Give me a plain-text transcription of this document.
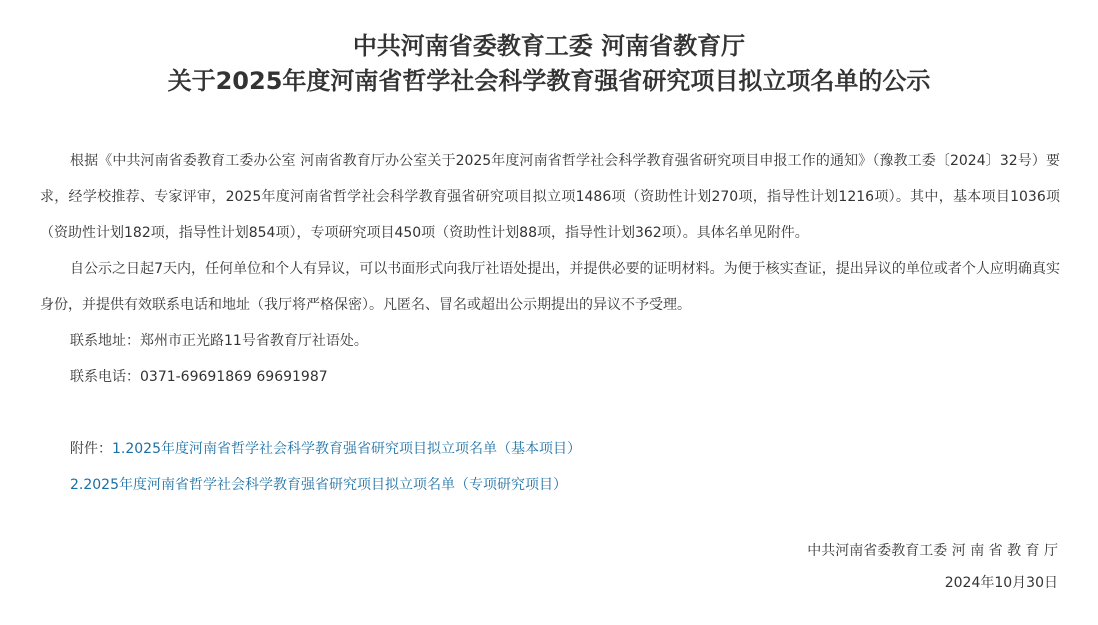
中共河南省委教育工委 河南省教育厅
关于2025年度河南省哲学社会科学教育强省研究项目拟立项名单的公示

根据《中共河南省委教育工委办公室 河南省教育厅办公室关于2025年度河南省哲学社会科学教育强省研究项目申报工作的通知》（豫教工委〔2024〕32号）要求，经学校推荐、专家评审，2025年度河南省哲学社会科学教育强省研究项目拟立项1486项（资助性计划270项，指导性计划1216项）。其中，基本项目1036项（资助性计划182项，指导性计划854项），专项研究项目450项（资助性计划88项，指导性计划362项）。具体名单见附件。

自公示之日起7天内，任何单位和个人有异议，可以书面形式向我厅社语处提出，并提供必要的证明材料。为便于核实查证，提出异议的单位或者个人应明确真实身份，并提供有效联系电话和地址（我厅将严格保密）。凡匿名、冒名或超出公示期提出的异议不予受理。

联系地址：郑州市正光路11号省教育厅社语处。

联系电话：0371-69691869 69691987

附件：1.2025年度河南省哲学社会科学教育强省研究项目拟立项名单（基本项目）

2.2025年度河南省哲学社会科学教育强省研究项目拟立项名单（专项研究项目）

中共河南省委教育工委 河 南 省 教 育 厅
2024年10月30日
